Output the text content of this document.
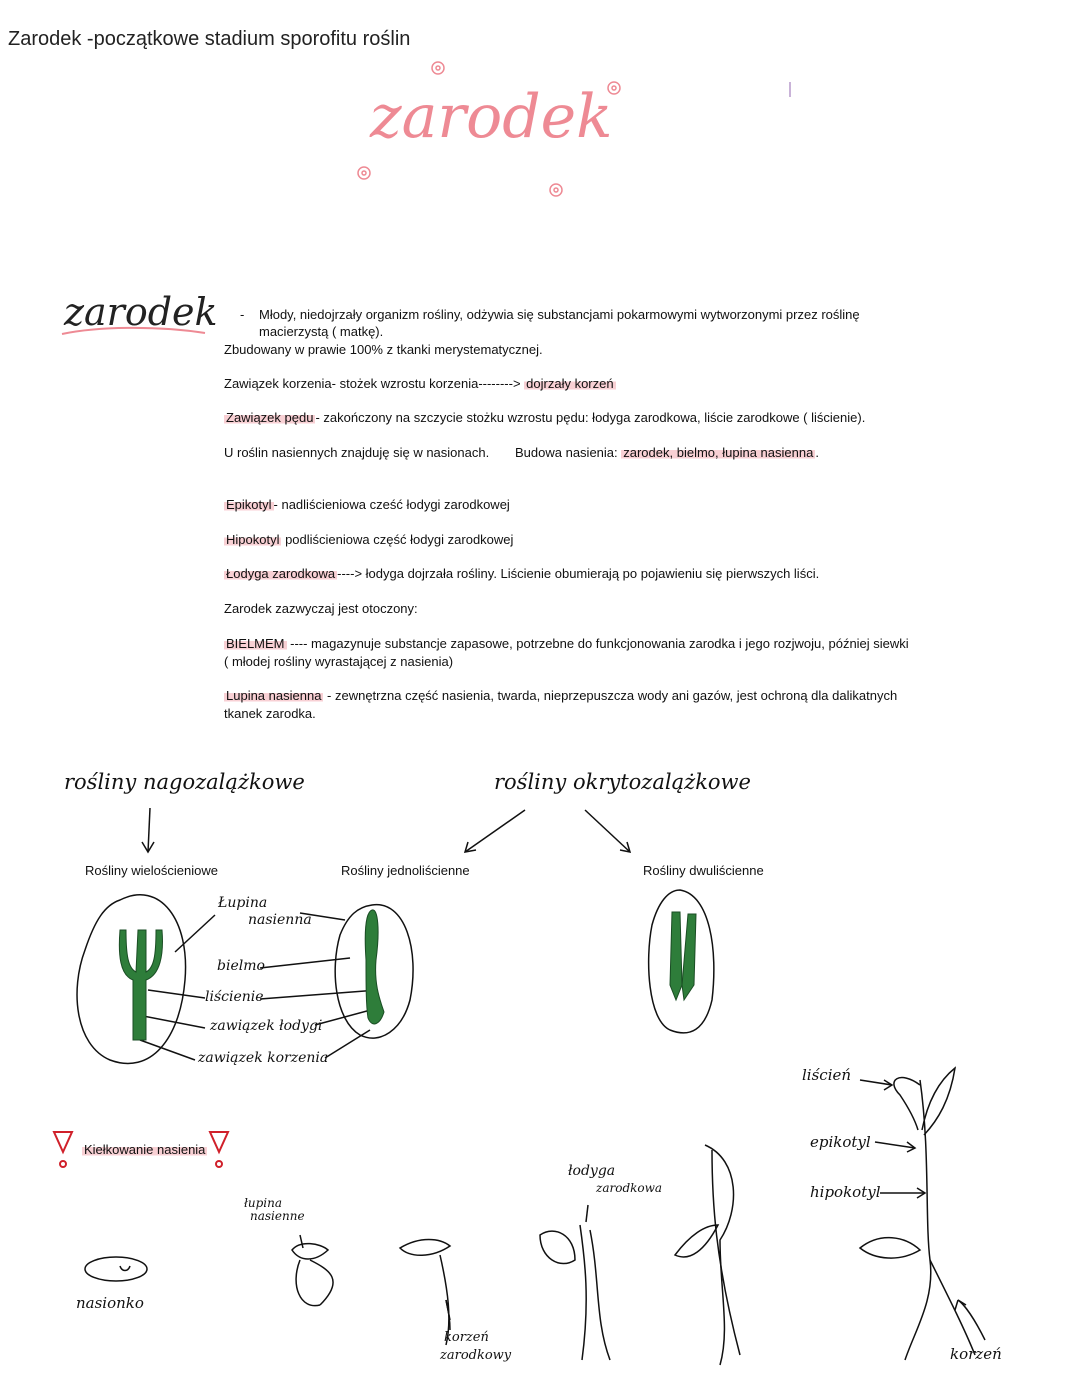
Zarodek -początkowe stadium sporofitu roślin
zarodek
zarodek - Młody, niedojrzały organizm rośliny, odżywia się substancjami pokarmowymi wytworzonymi przez roślinę
macierzystą ( matkę).
Zbudowany w prawie 100% z tkanki merystematycznej.
Zawiązek korzenia- stożek wzrostu korzenia--------> dojrzały korzeń
Zawiązek pędu - zakończony na szczycie stożku wzrostu pędu: łodyga zarodkowa, liście zarodkowe ( liścienie).
U roślin nasiennych znajduję się w nasionach. Budowa nasienia: zarodek, bielmo, łupina nasienna .
Epikotyl - nadliścieniowa cześć łodygi zarodkowej
Hipokotyl podliścieniowa część łodygi zarodkowej
Łodyga zarodkowa ----> łodyga dojrzała rośliny. Liścienie obumierają po pojawieniu się pierwszych liści.
Zarodek zazwyczaj jest otoczony:
BIELMEM ---- magazynuje substancje zapasowe, potrzebne do funkcjonowania zarodka i jego rozjwoju, później siewki
( młodej rośliny wyrastającej z nasienia)
Lupina nasienna - zewnętrzna część nasienia, twarda, nieprzepuszcza wody ani gazów, jest ochroną dla dalikatnych
tkanek zarodka.
rośliny nagozalążkowe	rośliny okrytozalążkowe
Rośliny wielościeniowe	Rośliny jednoliścienne	Rośliny dwuliścienne
Łupina
nasienna
bielmo
liścienie
zawiązek łodygi
zawiązek korzenia
Kiełkowanie nasienia
nasionko
łupina
nasienne
korzeń
zarodkowy
łodyga
zarodkowa
liścień
epikotyl
hipokotyl
korzeń
